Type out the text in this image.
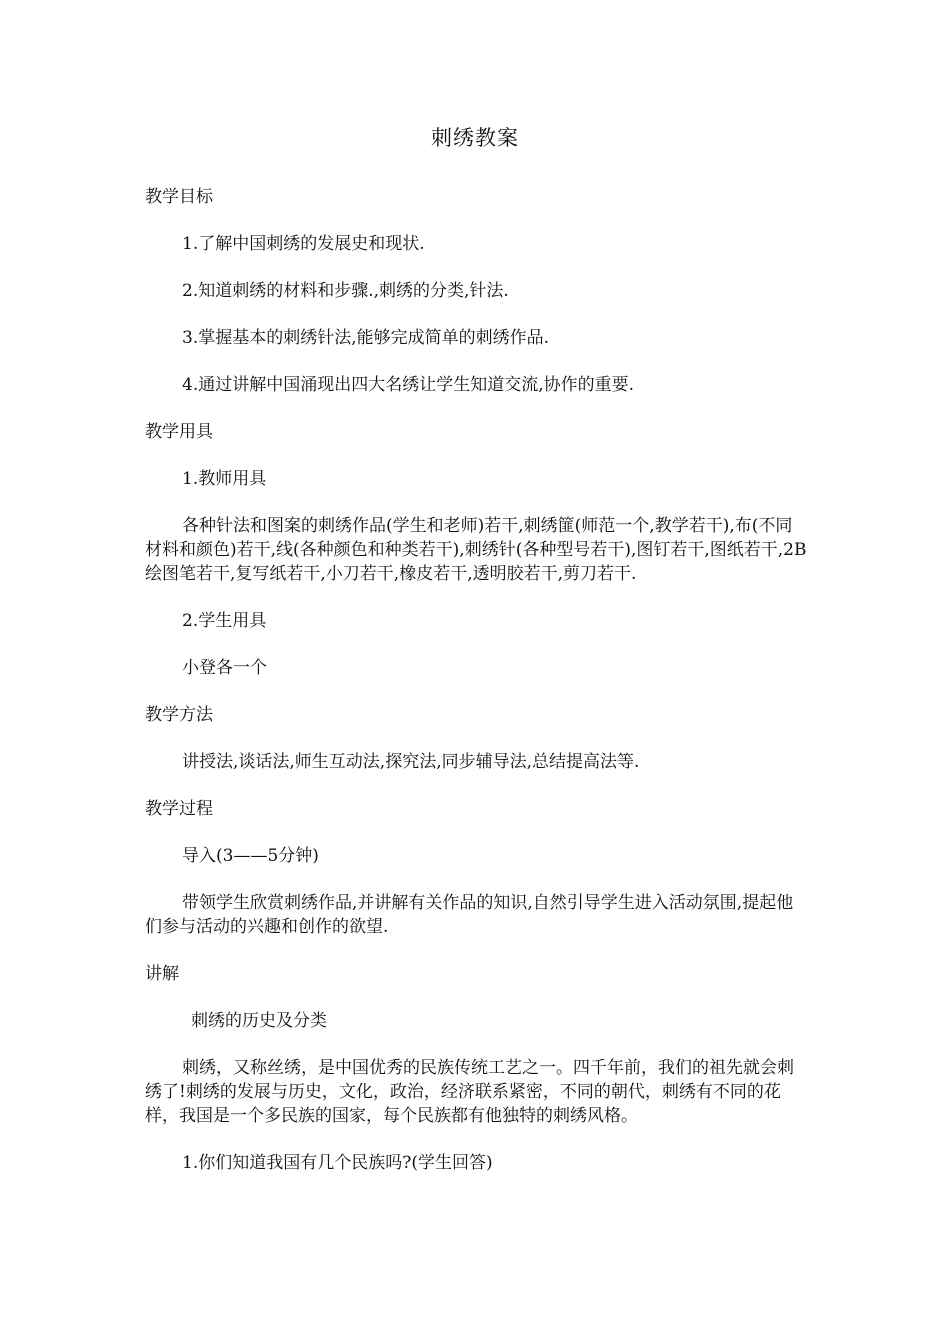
刺绣教案

教学目标

1.了解中国刺绣的发展史和现状.

2.知道刺绣的材料和步骤.,刺绣的分类,针法.

3.掌握基本的刺绣针法,能够完成简单的刺绣作品.

4.通过讲解中国涌现出四大名绣让学生知道交流,协作的重要.

教学用具

1.教师用具

各种针法和图案的刺绣作品(学生和老师)若干,刺绣篚(师范一个,教学若干),布(不同材料和颜色)若干,线(各种颜色和种类若干),刺绣针(各种型号若干),图钉若干,图纸若干,2B绘图笔若干,复写纸若干,小刀若干,橡皮若干,透明胶若干,剪刀若干.

2.学生用具

小登各一个

教学方法

讲授法,谈话法,师生互动法,探究法,同步辅导法,总结提高法等.

教学过程

导入(3——5分钟)

带领学生欣赏刺绣作品,并讲解有关作品的知识,自然引导学生进入活动氛围,提起他们参与活动的兴趣和创作的欲望.

讲解

刺绣的历史及分类

刺绣，又称丝绣，是中国优秀的民族传统工艺之一。四千年前，我们的祖先就会刺绣了!刺绣的发展与历史，文化，政治，经济联系紧密，不同的朝代，刺绣有不同的花样，我国是一个多民族的国家，每个民族都有他独特的刺绣风格。

1.你们知道我国有几个民族吗?(学生回答)
